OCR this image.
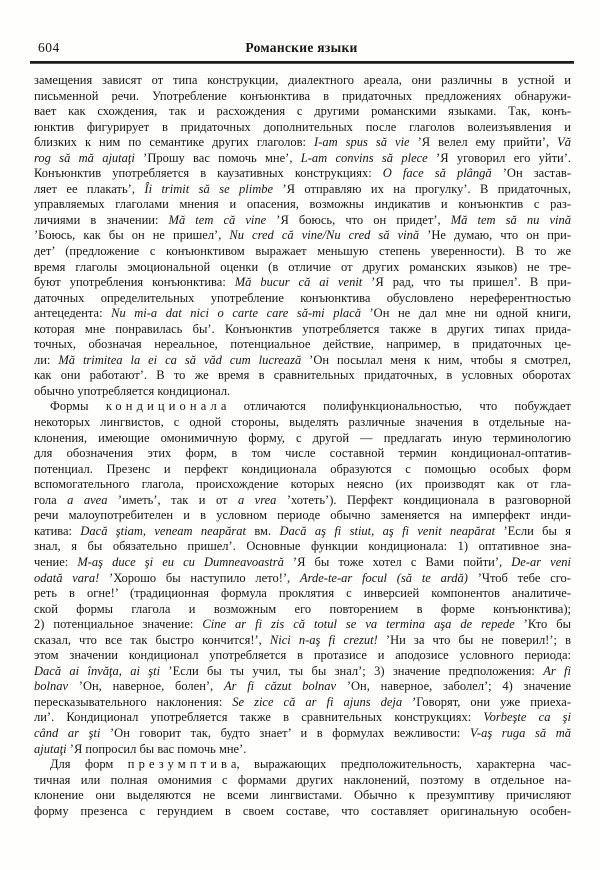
604	Романские языки
замещения зависят от типа конструкции, диалектного ареала, они различны в устной и
письменной речи. Употребление конъюнктива в придаточных предложениях обнаружи-
вает как схождения, так и расхождения с другими романскими языками. Так, конъ-
юнктив фигурирует в придаточных дополнительных после глаголов волеизъявления и
близких к ним по семантике других глаголов: I-am spus să vie ’Я велел ему прийти’, Vă
rog să mă ajutaţi ’Прошу вас помочь мне’, L-am convins să plece ’Я уговорил его уйти’.
Конъюнктив употребляется в каузативных конструкциях: O face să plângă ’Он застав-
ляет ее плакать’, Îi trimit să se plimbe ’Я отправляю их на прогулку’. В придаточных,
управляемых глаголами мнения и опасения, возможны индикатив и конъюнктив с раз-
личиями в значении: Mă tem că vine ’Я боюсь, что он придет’, Mă tem să nu vină
’Боюсь, как бы он не пришел’, Nu cred că vine/Nu cred să vină ’Не думаю, что он при-
дет’ (предложение с конъюнктивом выражает меньшую степень уверенности). В то же
время глаголы эмоциональной оценки (в отличие от других романских языков) не тре-
буют употребления конъюнктива: Mă bucur că ai venit ’Я рад, что ты пришел’. В при-
даточных определительных употребление конъюнктива обусловлено нереферентностью
антецедента: Nu mi-a dat nici o carte care să-mi placă ’Он не дал мне ни одной книги,
которая мне понравилась бы’. Конъюнктив употребляется также в других типах прида-
точных, обозначая нереальное, потенциальное действие, например, в придаточных це-
ли: Mă trimitea la ei ca să văd cum lucrează ’Он посылал меня к ним, чтобы я смотрел,
как они работают’. В то же время в сравнительных придаточных, в условных оборотах
обычно употребляется кондиционал.
Формы кондиционала отличаются полифункциональностью, что побуждает
некоторых лингвистов, с одной стороны, выделять различные значения в отдельные на-
клонения, имеющие омонимичную форму, с другой — предлагать иную терминологию
для обозначения этих форм, в том числе составной термин кондиционал-оптатив-
потенциал. Презенс и перфект кондиционала образуются с помощью особых форм
вспомогательного глагола, происхождение которых неясно (их производят как от гла-
гола a avea ’иметь’, так и от a vrea ’хотеть’). Перфект кондиционала в разговорной
речи малоупотребителен и в условном периоде обычно заменяется на имперфект инди-
катива: Dacă ştiam, veneam neapărat вм. Dacă aş fi stiut, aş fi venit neapărat ’Если бы я
знал, я бы обязательно пришел’. Основные функции кондиционала: 1) оптативное зна-
чение: M-aş duce şi eu cu Dumneavoastră ’Я бы тоже хотел с Вами пойти’, De-ar veni
odată vara! ’Хорошо бы наступило лето!’, Arde-te-ar focul (să te ardă) ’Чтоб тебе сго-
реть в огне!’ (традиционная формула проклятия с инверсией компонентов аналитиче-
ской формы глагола и возможным его повторением в форме конъюнктива);
2) потенциальное значение: Cine ar fi zis că totul se va termina aşa de repede ’Кто бы
сказал, что все так быстро кончится!’, Nici n-aş fi crezut! ’Ни за что бы не поверил!’; в
этом значении кондиционал употребляется в протазисе и аподозисе условного периода:
Dacă ai învăţa, ai şti ’Если бы ты учил, ты бы знал’; 3) значение предположения: Ar fi
bolnav ’Он, наверное, болен’, Ar fi căzut bolnav ’Он, наверное, заболел’; 4) значение
пересказывательного наклонения: Se zice că ar fi ajuns deja ’Говорят, они уже приеха-
ли’. Кондиционал употребляется также в сравнительных конструкциях: Vorbeşte ca şi
când ar şti ’Он говорит так, будто знает’ и в формулах вежливости: V-aş ruga să mă
ajutaţi ’Я попросил бы вас помочь мне’.
Для форм презумптива, выражающих предположительность, характерна час-
тичная или полная омонимия с формами других наклонений, поэтому в отдельное на-
клонение они выделяются не всеми лингвистами. Обычно к презумптиву причисляют
форму презенса с герундием в своем составе, что составляет оригинальную особен-
